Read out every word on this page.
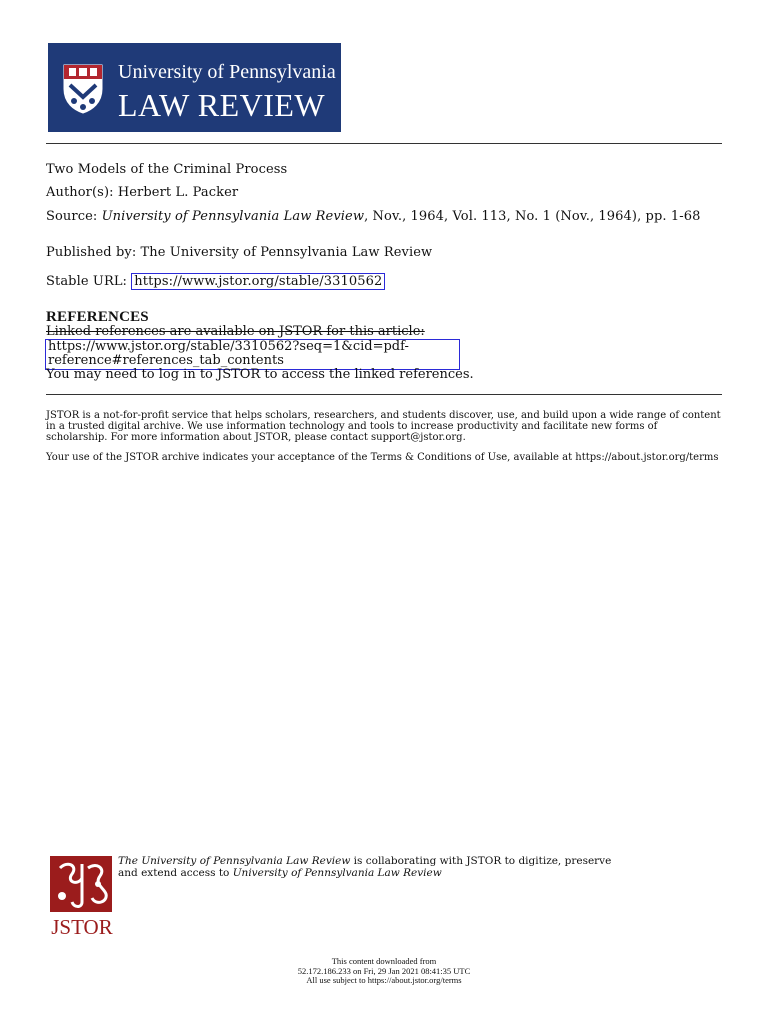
University of Pennsylvania
LAW REVIEW
Two Models of the Criminal Process
Author(s): Herbert L. Packer
Source: University of Pennsylvania Law Review, Nov., 1964, Vol. 113, No. 1 (Nov., 1964), pp. 1-68
Published by: The University of Pennsylvania Law Review
Stable URL: https://www.jstor.org/stable/3310562
REFERENCES
Linked references are available on JSTOR for this article:
https://www.jstor.org/stable/3310562?seq=1&cid=pdf-
reference#references_tab_contents
You may need to log in to JSTOR to access the linked references.
JSTOR is a not-for-profit service that helps scholars, researchers, and students discover, use, and build upon a wide range of content in a trusted digital archive. We use information technology and tools to increase productivity and facilitate new forms of scholarship. For more information about JSTOR, please contact support@jstor.org.
Your use of the JSTOR archive indicates your acceptance of the Terms & Conditions of Use, available at https://about.jstor.org/terms
JSTOR
The University of Pennsylvania Law Review is collaborating with JSTOR to digitize, preserve
and extend access to University of Pennsylvania Law Review
This content downloaded from
52.172.186.233 on Fri, 29 Jan 2021 08:41:35 UTC
All use subject to https://about.jstor.org/terms
